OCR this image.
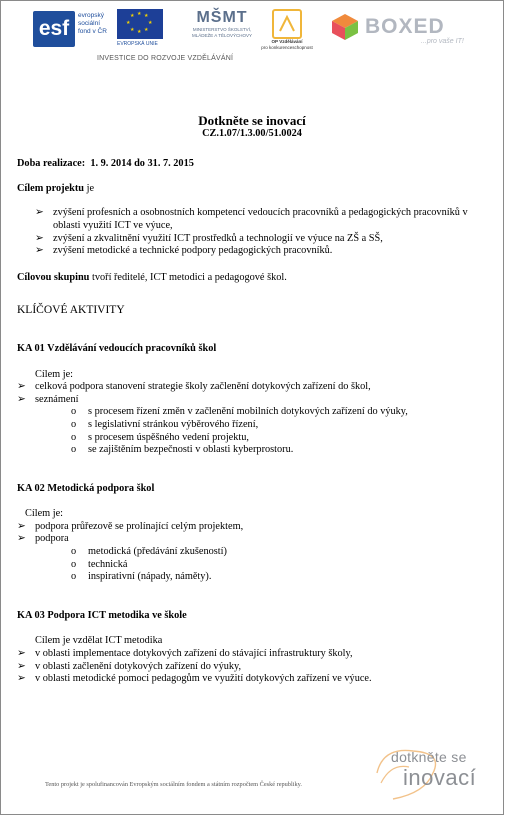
esf
evropský
sociální
fond v ČR
★ ★
★
★
★
★
★
★
EVROPSKÁ UNIE
MŠMT
MINISTERSTVO ŠKOLSTVÍ,
MLÁDEŽE A TĚLOVÝCHOVY
OP Vzdělávání
pro konkurenceschopnost
BOXED
...pro vaše IT!
INVESTICE DO ROZVOJE VZDĚLÁVÁNÍ
Dotkněte se inovací
CZ.1.07/1.3.00/51.0024

Doba realizace: 1. 9. 2014 do 31. 7. 2015

Cílem projektu je

➢ zvýšení profesních a osobnostních kompetencí vedoucích pracovníků a pedagogických pracovníků v oblasti využití ICT ve výuce,
➢ zvýšení a zkvalitnění využití ICT prostředků a technologií ve výuce na ZŠ a SŠ,
➢ zvýšení metodické a technické podpory pedagogických pracovníků.

Cílovou skupinu tvoří ředitelé, ICT metodici a pedagogové škol.

KLÍČOVÉ AKTIVITY

KA 01 Vzdělávání vedoucích pracovníků škol

Cílem je:

➢ celková podpora stanovení strategie školy začlenění dotykových zařízení do škol,
➢ seznámení
o s procesem řízení změn v začlenění mobilních dotykových zařízení do výuky,
o s legislativní stránkou výběrového řízení,
o s procesem úspěšného vedení projektu,
o se zajištěním bezpečnosti v oblasti kyberprostoru.

KA 02 Metodická podpora škol

Cílem je:

➢ podpora průřezově se prolínající celým projektem,
➢ podpora
o metodická (předávání zkušeností)
o technická
o inspirativní (nápady, náměty).

KA 03 Podpora ICT metodika ve škole

Cílem je vzdělat ICT metodika

➢ v oblasti implementace dotykových zařízení do stávající infrastruktury školy,
➢ v oblasti začlenění dotykových zařízení do výuky,
➢ v oblasti metodické pomoci pedagogům ve využití dotykových zařízení ve výuce.
Tento projekt je spolufinancován Evropským sociálním fondem a státním rozpočtem České republiky.
dotkněte se
inovací
